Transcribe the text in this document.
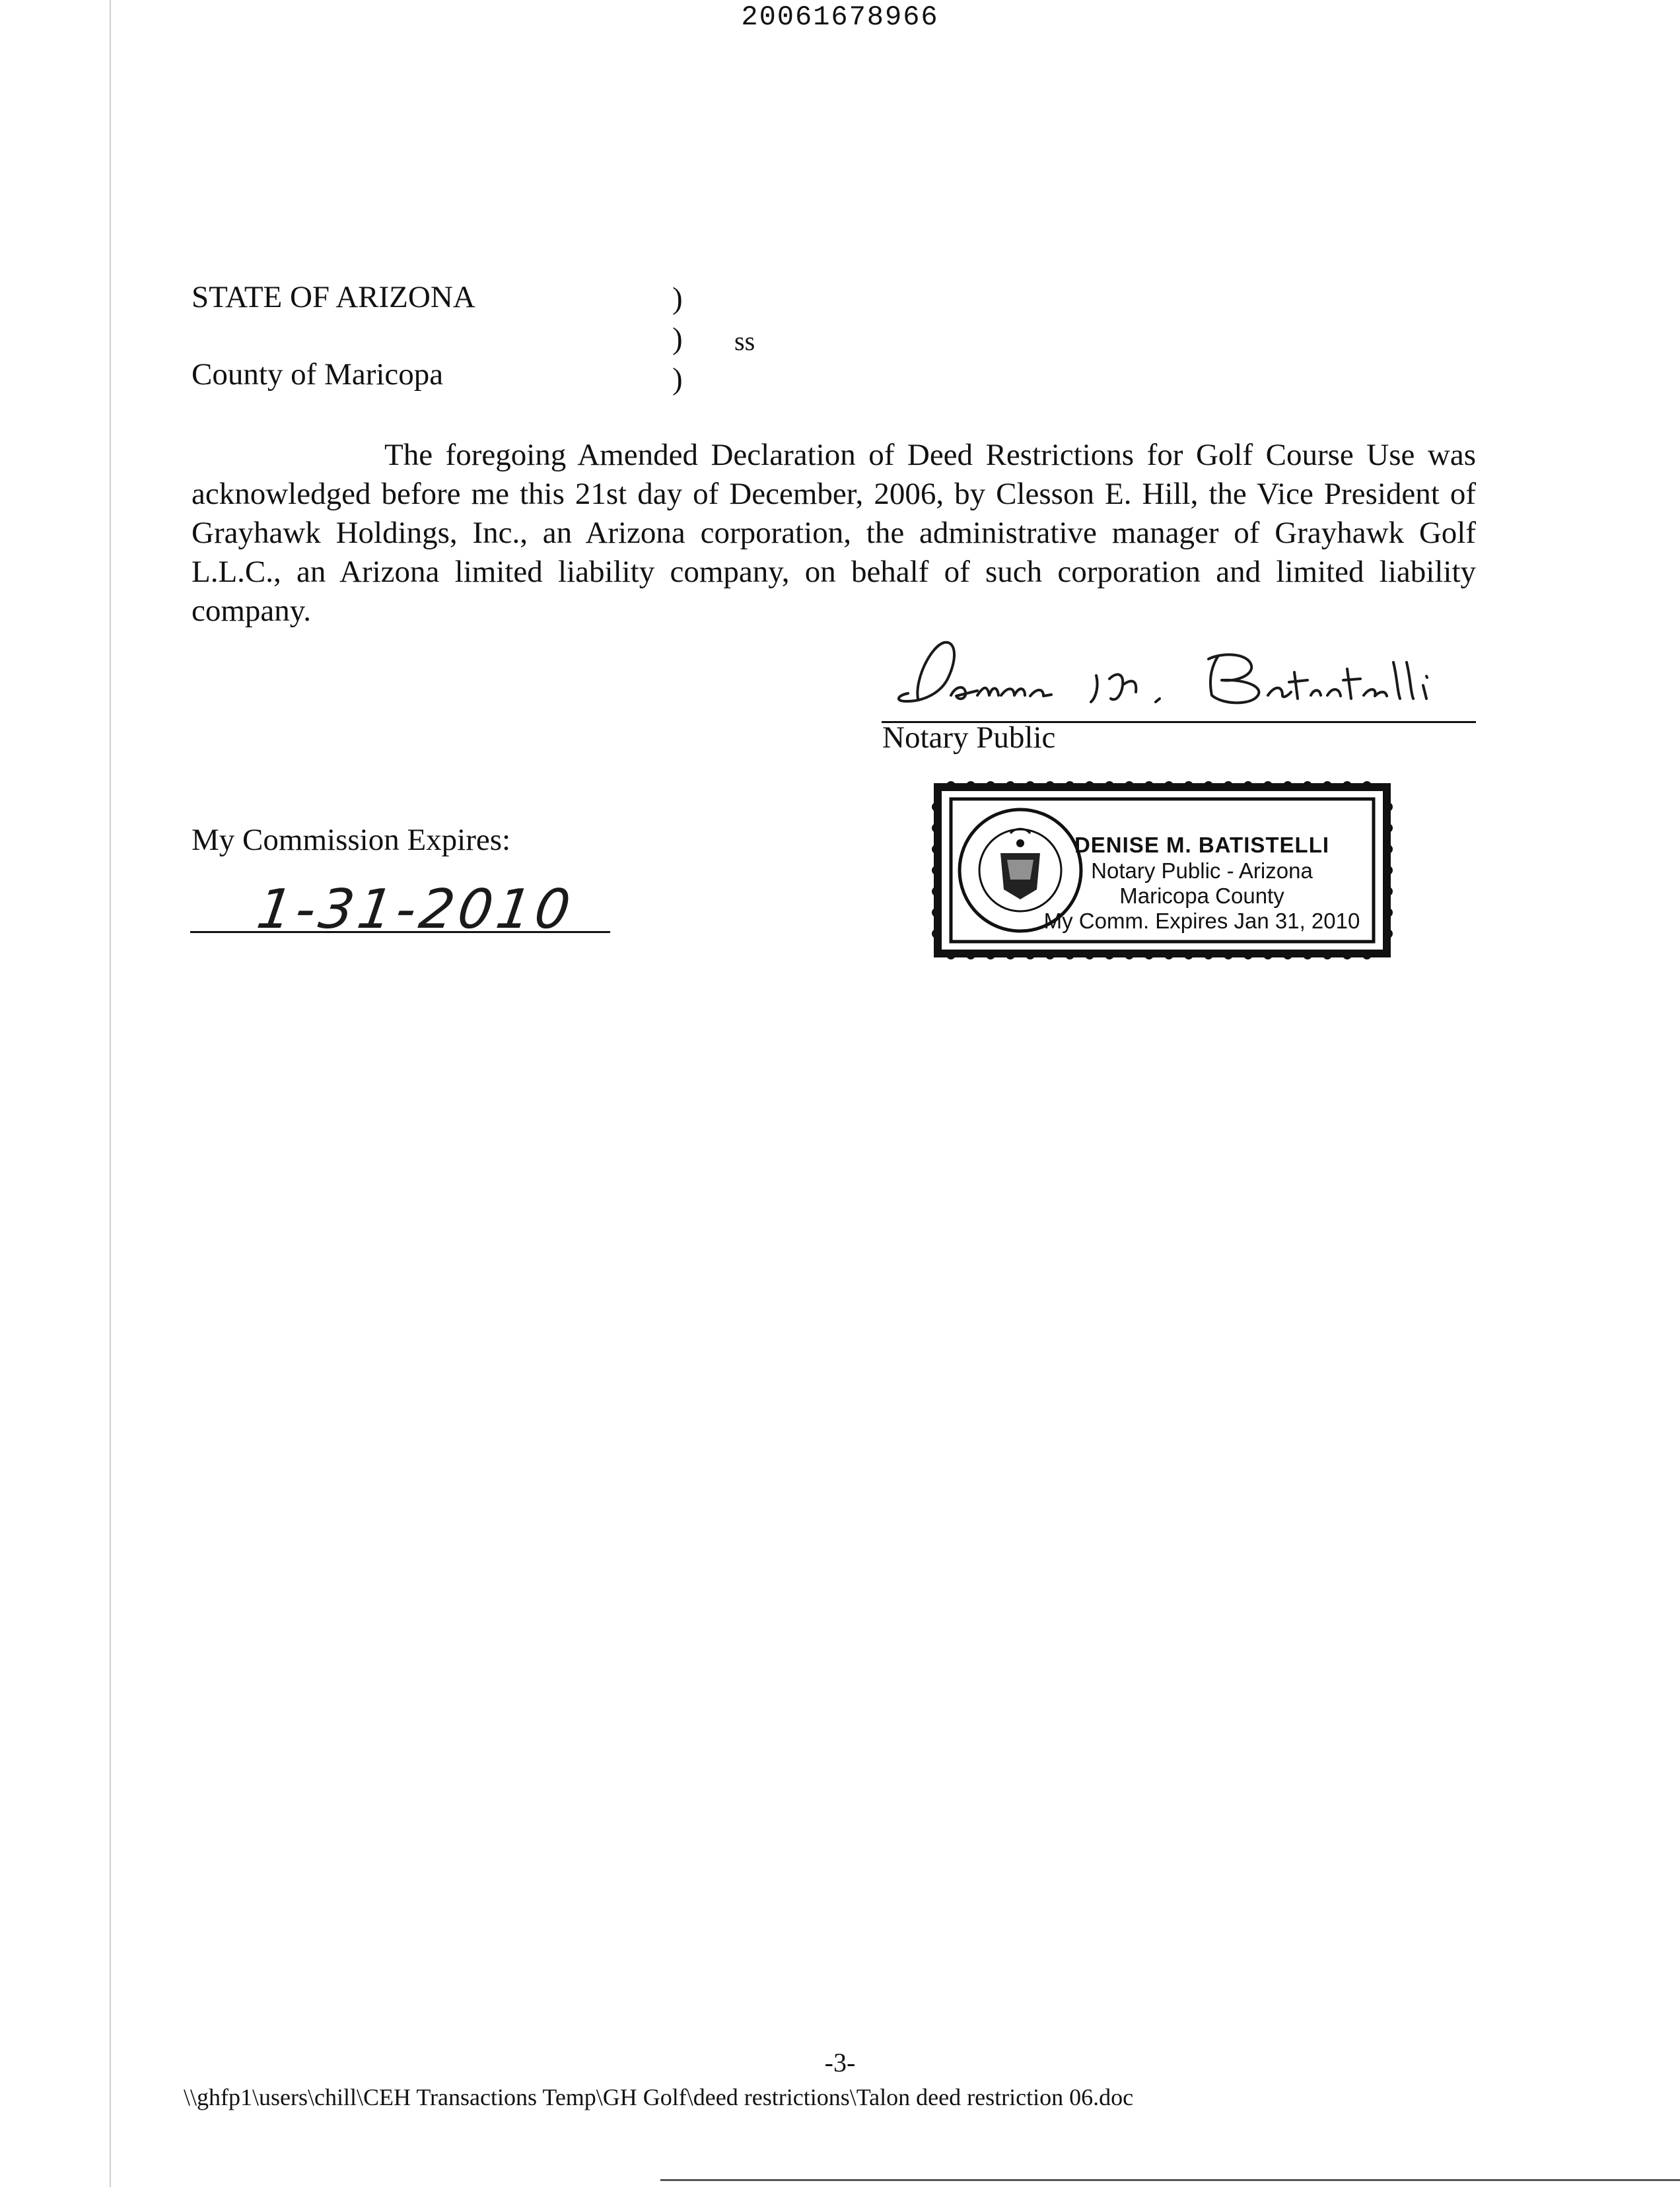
20061678966
STATE OF ARIZONA
County of Maricopa
)
)
)
ss
The foregoing Amended Declaration of Deed Restrictions for Golf Course Use was acknowledged before me this 21st day of December, 2006, by Clesson E. Hill, the Vice President of Grayhawk Holdings, Inc., an Arizona corporation, the administrative manager of Grayhawk Golf L.L.C., an Arizona limited liability company, on behalf of such corporation and limited liability company.
Notary Public
My Commission Expires:
1-31-2010
DENISE M. BATISTELLI
Notary Public - Arizona
Maricopa County
My Comm. Expires Jan 31, 2010
-3-
\\ghfp1\users\chill\CEH Transactions Temp\GH Golf\deed restrictions\Talon deed restriction 06.doc
